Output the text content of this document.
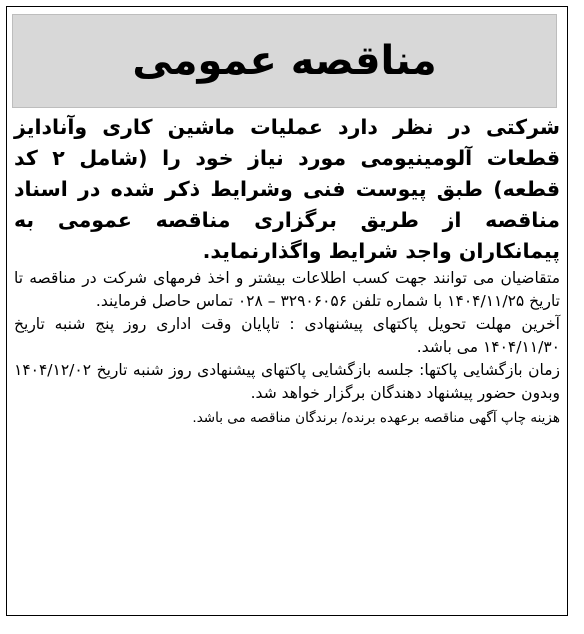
مناقصه عمومی

شرکتی در نظر دارد عملیات ماشین کاری وآنادایز قطعات آلومینیومی مورد نیاز خود را (شامل ۲ کد قطعه) طبق پیوست فنی وشرایط ذکر شده در اسناد مناقصه از طریق برگزاری مناقصه عمومی به پیمانکاران واجد شرایط واگذارنماید.

متقاضیان می توانند جهت کسب اطلاعات بیشتر و اخذ فرمهای شرکت در مناقصه تا تاریخ ۱۴۰۴/۱۱/۲۵ با شماره تلفن ۳۲۹۰۶۰۵۶ – ۰۲۸ تماس حاصل فرمایند.

آخرین مهلت تحویل پاکتهای پیشنهادی : تاپایان وقت اداری روز پنج شنبه تاریخ ۱۴۰۴/۱۱/۳۰ می باشد.

زمان بازگشایی پاکتها: جلسه بازگشایی پاکتهای پیشنهادی روز شنبه تاریخ ۱۴۰۴/۱۲/۰۲ وبدون حضور پیشنهاد دهندگان برگزار خواهد شد.

هزینه چاپ آگهی مناقصه برعهده برنده/ برندگان مناقصه می باشد.
